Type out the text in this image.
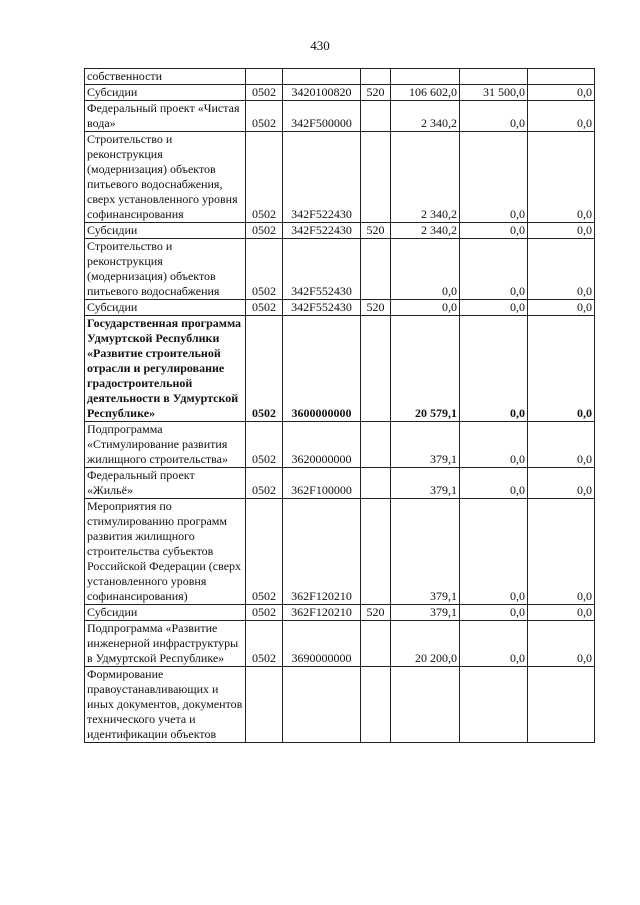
430
собственности						
Субсидии	0502	3420100820	520	106 602,0	31 500,0	0,0
Федеральный проект «Чистая вода»	0502	342F500000		2 340,2	0,0	0,0
Строительство и реконструкция (модернизация) объектов питьевого водоснабжения, сверх установленного уровня софинансирования	0502	342F522430		2 340,2	0,0	0,0
Субсидии	0502	342F522430	520	2 340,2	0,0	0,0
Строительство и реконструкция (модернизация) объектов питьевого водоснабжения	0502	342F552430		0,0	0,0	0,0
Субсидии	0502	342F552430	520	0,0	0,0	0,0
Государственная программа Удмуртской Республики «Развитие строительной отрасли и регулирование градостроительной деятельности в Удмуртской Республике»	0502	3600000000		20 579,1	0,0	0,0
Подпрограмма «Стимулирование развития жилищного строительства»	0502	3620000000		379,1	0,0	0,0
Федеральный проект «Жильё»	0502	362F100000		379,1	0,0	0,0
Мероприятия по стимулированию программ развития жилищного строительства субъектов Российской Федерации (сверх установленного уровня софинансирования)	0502	362F120210		379,1	0,0	0,0
Субсидии	0502	362F120210	520	379,1	0,0	0,0
Подпрограмма «Развитие инженерной инфраструктуры в Удмуртской Республике»	0502	3690000000		20 200,0	0,0	0,0
Формирование правоустанавливающих и иных документов, документов технического учета и идентификации объектов						
